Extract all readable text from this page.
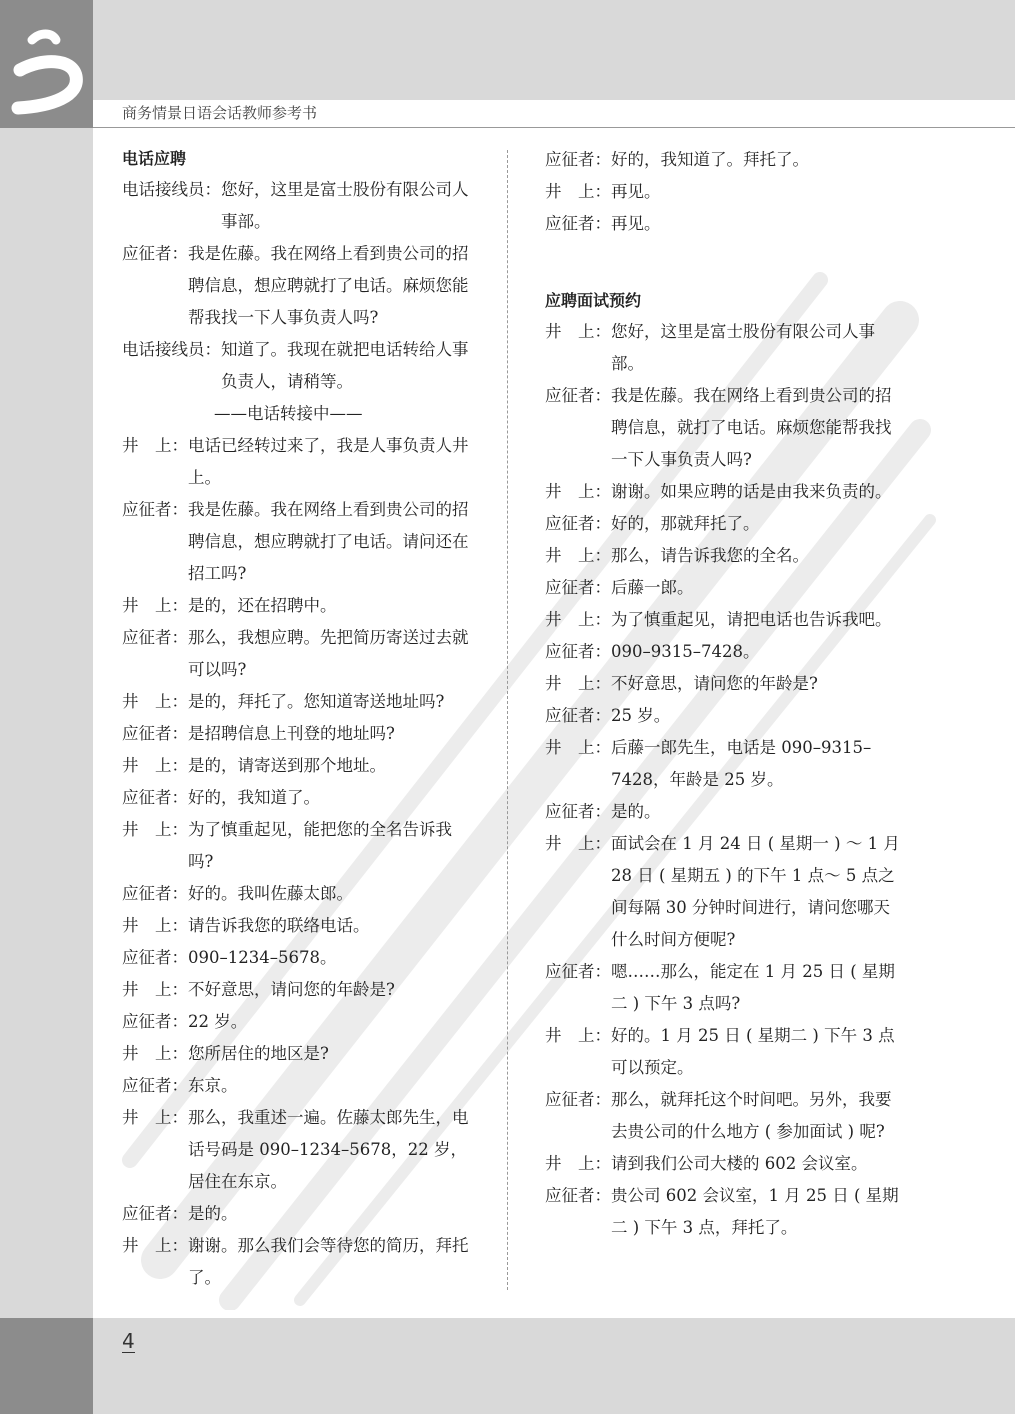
商务情景日语会话教师参考书
电话应聘
电话接线员： 您好，这里是富士股份有限公司人事部。
应征者： 我是佐藤。我在网络上看到贵公司的招聘信息，想应聘就打了电话。麻烦您能帮我找一下人事负责人吗?
电话接线员： 知道了。我现在就把电话转给人事负责人，请稍等。
——电话转接中——
井　上： 电话已经转过来了，我是人事负责人井上。
应征者： 我是佐藤。我在网络上看到贵公司的招聘信息，想应聘就打了电话。请问还在招工吗?
井　上： 是的，还在招聘中。
应征者： 那么，我想应聘。先把简历寄送过去就可以吗?
井　上： 是的，拜托了。您知道寄送地址吗?
应征者： 是招聘信息上刊登的地址吗?
井　上： 是的，请寄送到那个地址。
应征者： 好的，我知道了。
井　上： 为了慎重起见，能把您的全名告诉我吗?
应征者： 好的。我叫佐藤太郎。
井　上： 请告诉我您的联络电话。
应征者： 090–1234–5678。
井　上： 不好意思，请问您的年龄是?
应征者： 22 岁。
井　上： 您所居住的地区是?
应征者： 东京。
井　上： 那么，我重述一遍。佐藤太郎先生，电话号码是 090–1234–5678，22 岁，居住在东京。
应征者： 是的。
井　上： 谢谢。那么我们会等待您的简历，拜托了。
应征者： 好的，我知道了。拜托了。
井　上： 再见。
应征者： 再见。
应聘面试预约
井　上： 您好，这里是富士股份有限公司人事部。
应征者： 我是佐藤。我在网络上看到贵公司的招聘信息，就打了电话。麻烦您能帮我找一下人事负责人吗?
井　上： 谢谢。如果应聘的话是由我来负责的。
应征者： 好的，那就拜托了。
井　上： 那么，请告诉我您的全名。
应征者： 后藤一郎。
井　上： 为了慎重起见，请把电话也告诉我吧。
应征者： 090–9315–7428。
井　上： 不好意思，请问您的年龄是?
应征者： 25 岁。
井　上： 后藤一郎先生，电话是 090–9315–7428，年龄是 25 岁。
应征者： 是的。
井　上： 面试会在 1 月 24 日 ( 星期一 ) ～ 1 月 28 日 ( 星期五 ) 的下午 1 点～ 5 点之间每隔 30 分钟时间进行，请问您哪天什么时间方便呢?
应征者： 嗯……那么，能定在 1 月 25 日 ( 星期二 ) 下午 3 点吗?
井　上： 好的。1 月 25 日 ( 星期二 ) 下午 3 点可以预定。
应征者： 那么，就拜托这个时间吧。另外，我要去贵公司的什么地方 ( 参加面试 ) 呢?
井　上： 请到我们公司大楼的 602 会议室。
应征者： 贵公司 602 会议室，1 月 25 日 ( 星期二 ) 下午 3 点，拜托了。
4
